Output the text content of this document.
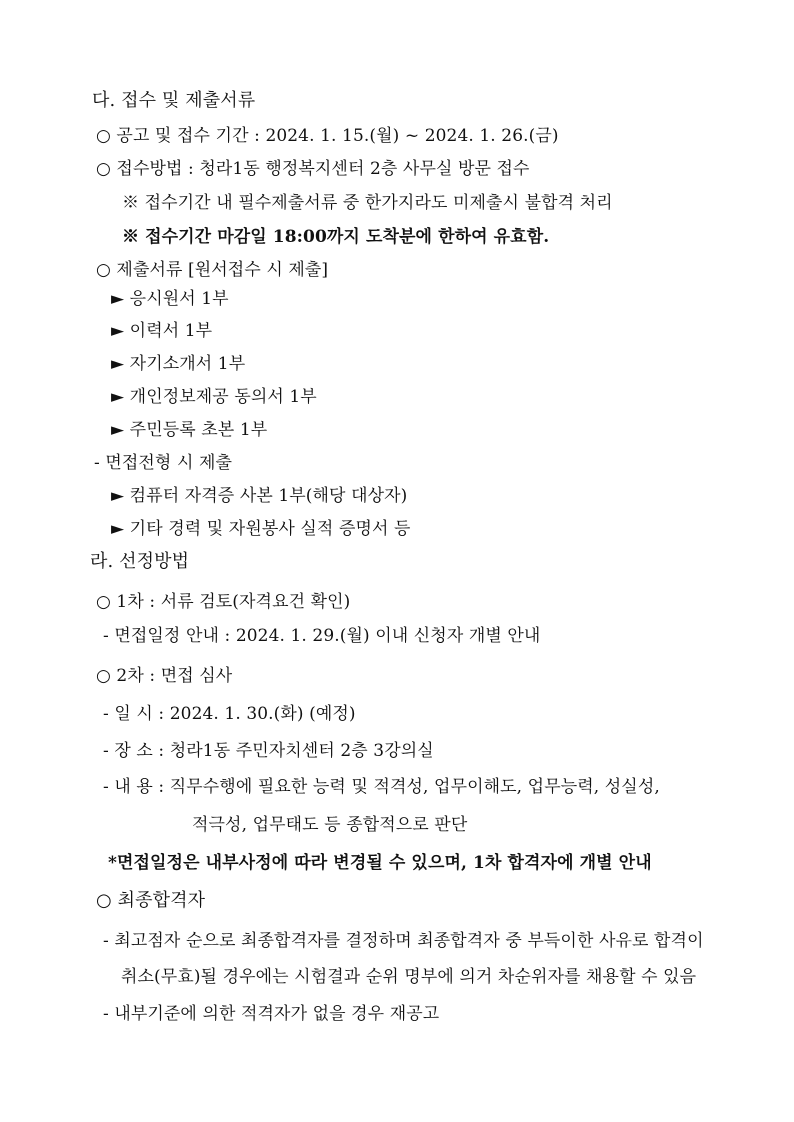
다. 접수 및 제출서류
○ 공고 및 접수 기간 : 2024. 1. 15.(월) ~ 2024. 1. 26.(금)
○ 접수방법 : 청라1동 행정복지센터 2층 사무실 방문 접수
※ 접수기간 내 필수제출서류 중 한가지라도 미제출시 불합격 처리
※ 접수기간 마감일 18:00까지 도착분에 한하여 유효함.
○ 제출서류 [원서접수 시 제출]
► 응시원서 1부
► 이력서 1부
► 자기소개서 1부
► 개인정보제공 동의서 1부
► 주민등록 초본 1부
- 면접전형 시 제출
► 컴퓨터 자격증 사본 1부(해당 대상자)
► 기타 경력 및 자원봉사 실적 증명서 등
라. 선정방법
○ 1차 : 서류 검토(자격요건 확인)
- 면접일정 안내 : 2024. 1. 29.(월) 이내 신청자 개별 안내
○ 2차 : 면접 심사
- 일 시 : 2024. 1. 30.(화) (예정)
- 장 소 : 청라1동 주민자치센터 2층 3강의실
- 내 용 : 직무수행에 필요한 능력 및 적격성, 업무이해도, 업무능력, 성실성,
적극성, 업무태도 등 종합적으로 판단
*면접일정은 내부사정에 따라 변경될 수 있으며, 1차 합격자에 개별 안내
○ 최종합격자
- 최고점자 순으로 최종합격자를 결정하며 최종합격자 중 부득이한 사유로 합격이
취소(무효)될 경우에는 시험결과 순위 명부에 의거 차순위자를 채용할 수 있음
- 내부기준에 의한 적격자가 없을 경우 재공고
